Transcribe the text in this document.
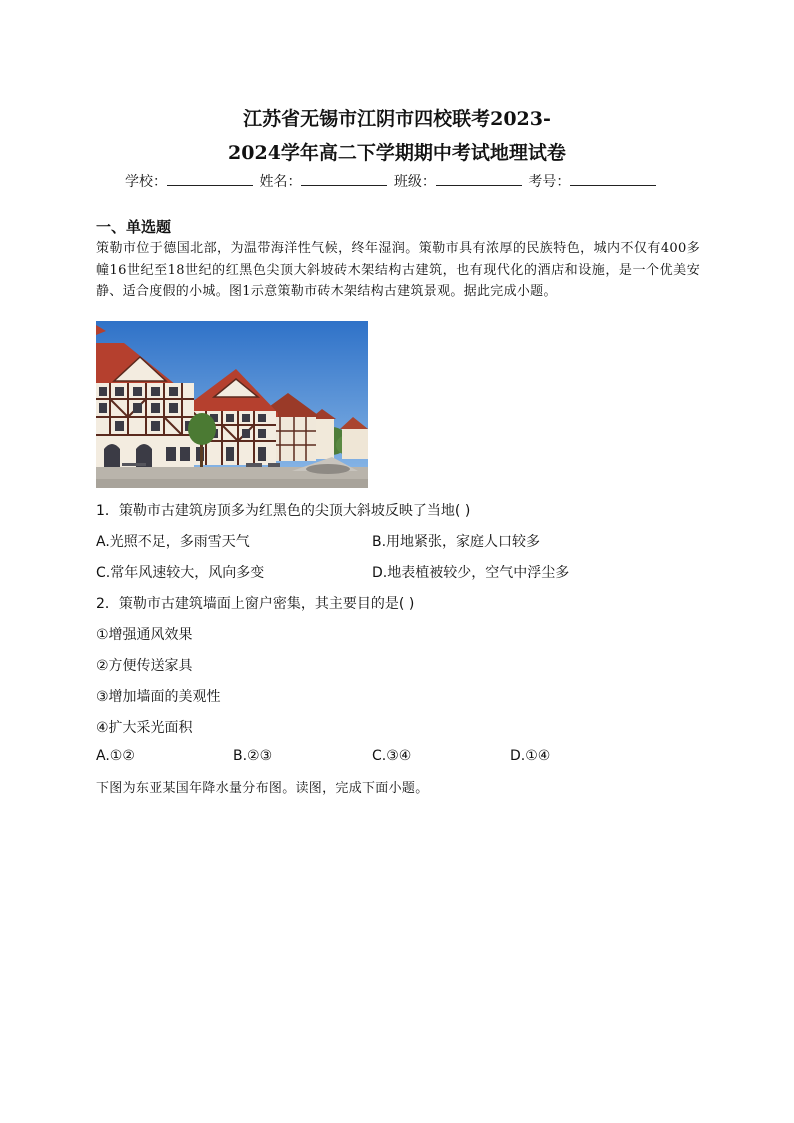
江苏省无锡市江阴市四校联考2023-
2024学年高二下学期期中考试地理试卷
学校：	姓名：	班级：	考号：
一、单选题
策勒市位于德国北部，为温带海洋性气候，终年湿润。策勒市具有浓厚的民族特色，城内不仅有400多幢16世纪至18世纪的红黑色尖顶大斜坡砖木架结构古建筑，也有现代化的酒店和设施，是一个优美安静、适合度假的小城。图1示意策勒市砖木架结构古建筑景观。据此完成小题。
1．策勒市古建筑房顶多为红黑色的尖顶大斜坡反映了当地( )
A.光照不足，多雨雪天气	B.用地紧张，家庭人口较多
C.常年风速较大，风向多变	D.地表植被较少，空气中浮尘多
2．策勒市古建筑墙面上窗户密集，其主要目的是( )
①增强通风效果
②方便传送家具
③增加墙面的美观性
④扩大采光面积
A.①②	B.②③	C.③④	D.①④
下图为东亚某国年降水量分布图。读图，完成下面小题。
